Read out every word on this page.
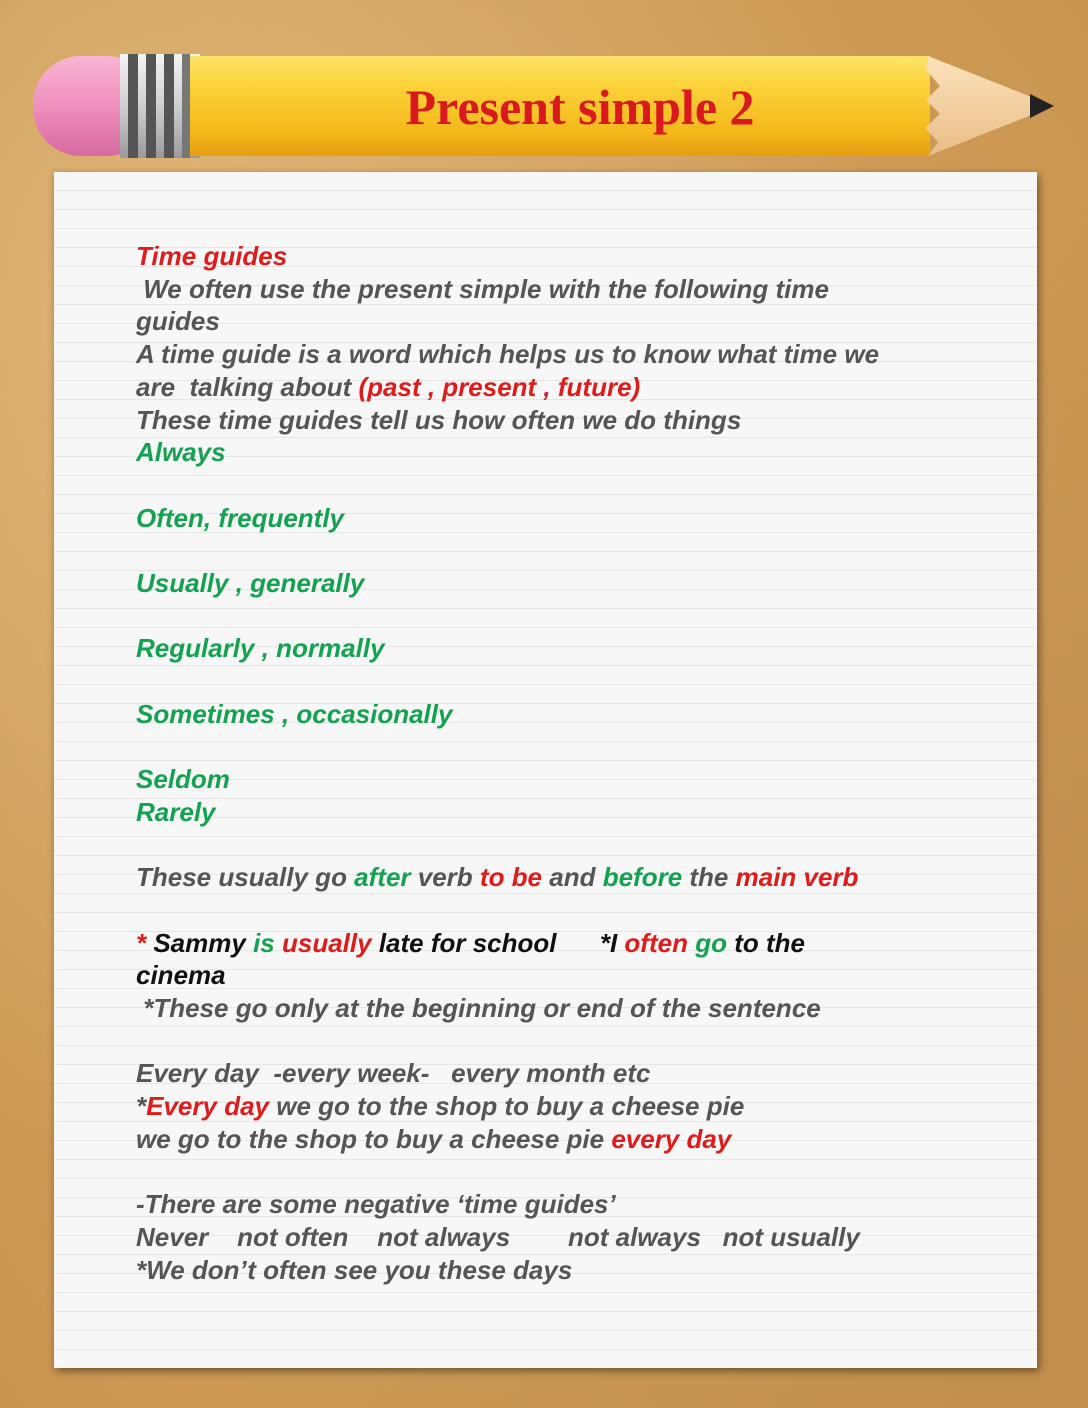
Present simple 2
Time guides
We often use the present simple with the following time
guides
A time guide is a word which helps us to know what time we
are  talking about (past , present , future)
These time guides tell us how often we do things
Always
Often, frequently
Usually , generally
Regularly , normally
Sometimes , occasionally
Seldom
Rarely
These usually go after verb to be and before the main verb
* Sammy is usually late for school      *I often go to the
cinema
*These go only at the beginning or end of the sentence
Every day  -every week-   every month etc
*Every day we go to the shop to buy a cheese pie
we go to the shop to buy a cheese pie every day
-There are some negative ‘time guides’
Never    not often    not always        not always   not usually
*We don’t often see you these days
